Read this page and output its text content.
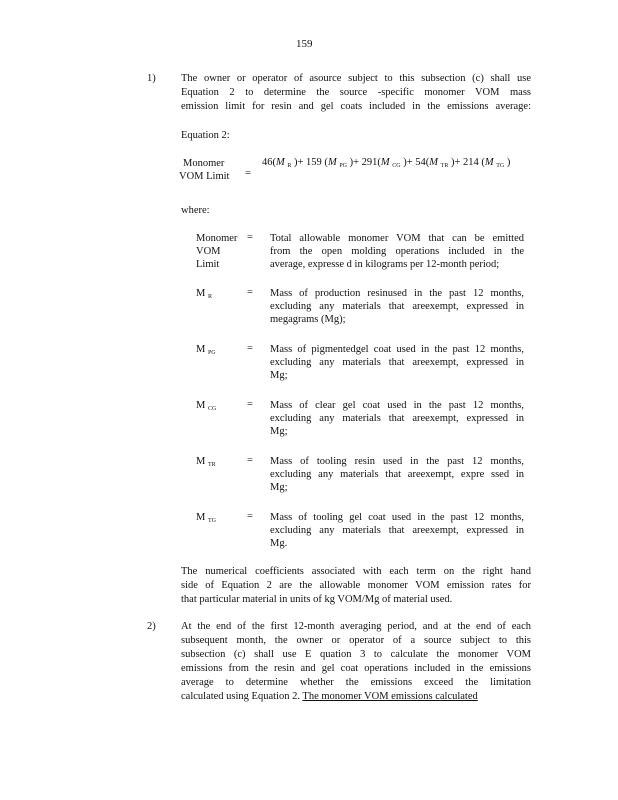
159
1) The owner or operator of asource subject to this subsection (c) shall use
Equation 2 to determine the source -specific monomer VOM mass
emission limit for resin and gel coats included in the emissions average:
Equation 2:
Monomer
VOM Limit =
46(M $_R$ )+ 159 (M $_{PG}$ )+ 291(M $_{CG}$ )+ 54(M $_{TR}$ )+ 214 (M $_{TG}$ )
where:
Monomer
VOM
Limit
= Total allowable monomer VOM that can be emitted
from the open molding operations included in the
average, expresse d in kilograms per 12-month period;
M $_R$	= Mass of production resinused in the past 12 months,
excluding any materials that areexempt, expressed in
megagrams (Mg);
M $_{PG}$	= Mass of pigmentedgel coat used in the past 12 months,
excluding any materials that areexempt, expressed in
Mg;
M $_{CG}$	= Mass of clear gel coat used in the past 12 months,
excluding any materials that areexempt, expressed in
Mg;
M $_{TR}$	= Mass of tooling resin used in the past 12 months,
excluding any materials that areexempt, expre ssed in
Mg;
M $_{TG}$	= Mass of tooling gel coat used in the past 12 months,
excluding any materials that areexempt, expressed in
Mg.
The numerical coefficients associated with each term on the right hand
side of Equation 2 are the allowable monomer VOM emission rates for
that particular material in units of kg VOM/Mg of material used.
2) At the end of the first 12-month averaging period, and at the end of each
subsequent month, the owner or operator of a source subject to this
subsection (c) shall use E quation 3 to calculate the monomer VOM
emissions from the resin and gel coat operations included in the emissions
average to determine whether the emissions exceed the limitation
calculated using Equation 2. The monomer VOM emissions calculated
